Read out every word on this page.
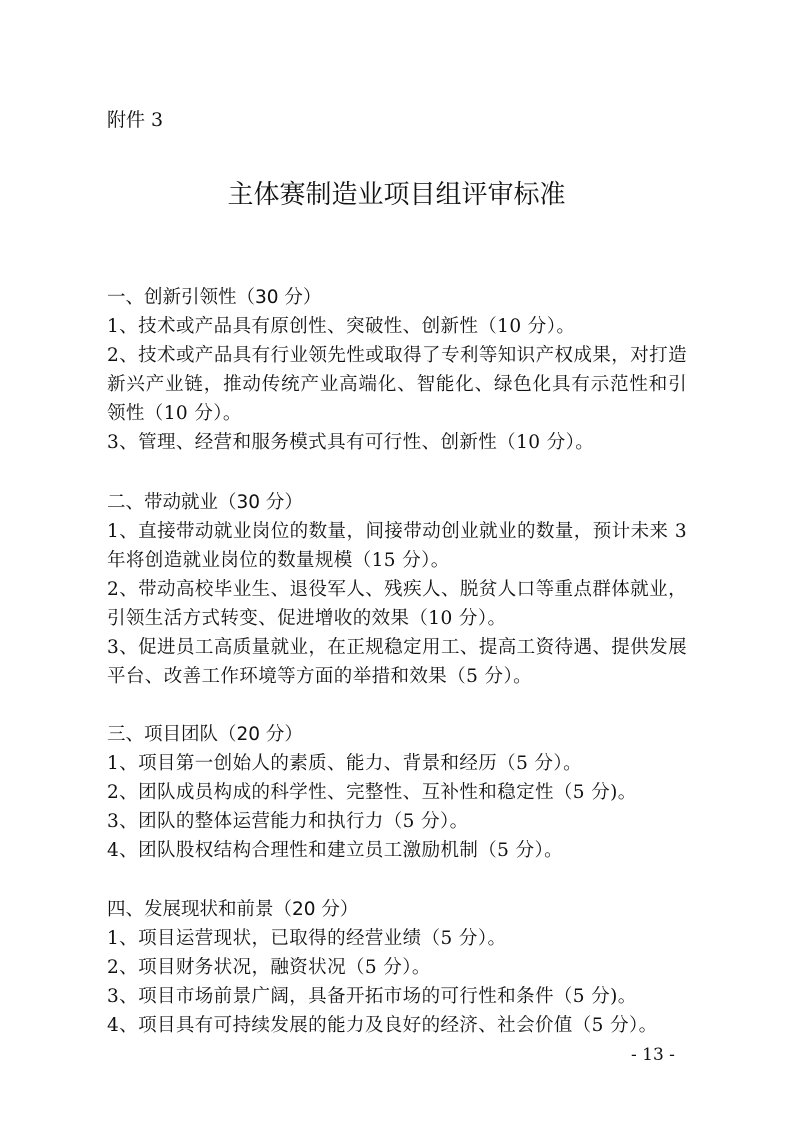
附件 3
主体赛制造业项目组评审标准
一、创新引领性（30 分）
1、技术或产品具有原创性、突破性、创新性（10 分）。
2、技术或产品具有行业领先性或取得了专利等知识产权成果，对打造新兴产业链，推动传统产业高端化、智能化、绿色化具有示范性和引领性（10 分）。
3、管理、经营和服务模式具有可行性、创新性（10 分）。
二、带动就业（30 分）
1、直接带动就业岗位的数量，间接带动创业就业的数量，预计未来 3 年将创造就业岗位的数量规模（15 分）。
2、带动高校毕业生、退役军人、残疾人、脱贫人口等重点群体就业，引领生活方式转变、促进增收的效果（10 分）。
3、促进员工高质量就业，在正规稳定用工、提高工资待遇、提供发展平台、改善工作环境等方面的举措和效果（5 分）。
三、项目团队（20 分）
1、项目第一创始人的素质、能力、背景和经历（5 分）。
2、团队成员构成的科学性、完整性、互补性和稳定性（5 分)。
3、团队的整体运营能力和执行力（5 分）。
4、团队股权结构合理性和建立员工激励机制（5 分）。
四、发展现状和前景（20 分）
1、项目运营现状，已取得的经营业绩（5 分）。
2、项目财务状况，融资状况（5 分）。
3、项目市场前景广阔，具备开拓市场的可行性和条件（5 分)。
4、项目具有可持续发展的能力及良好的经济、社会价值（5 分）。
- 13 -
